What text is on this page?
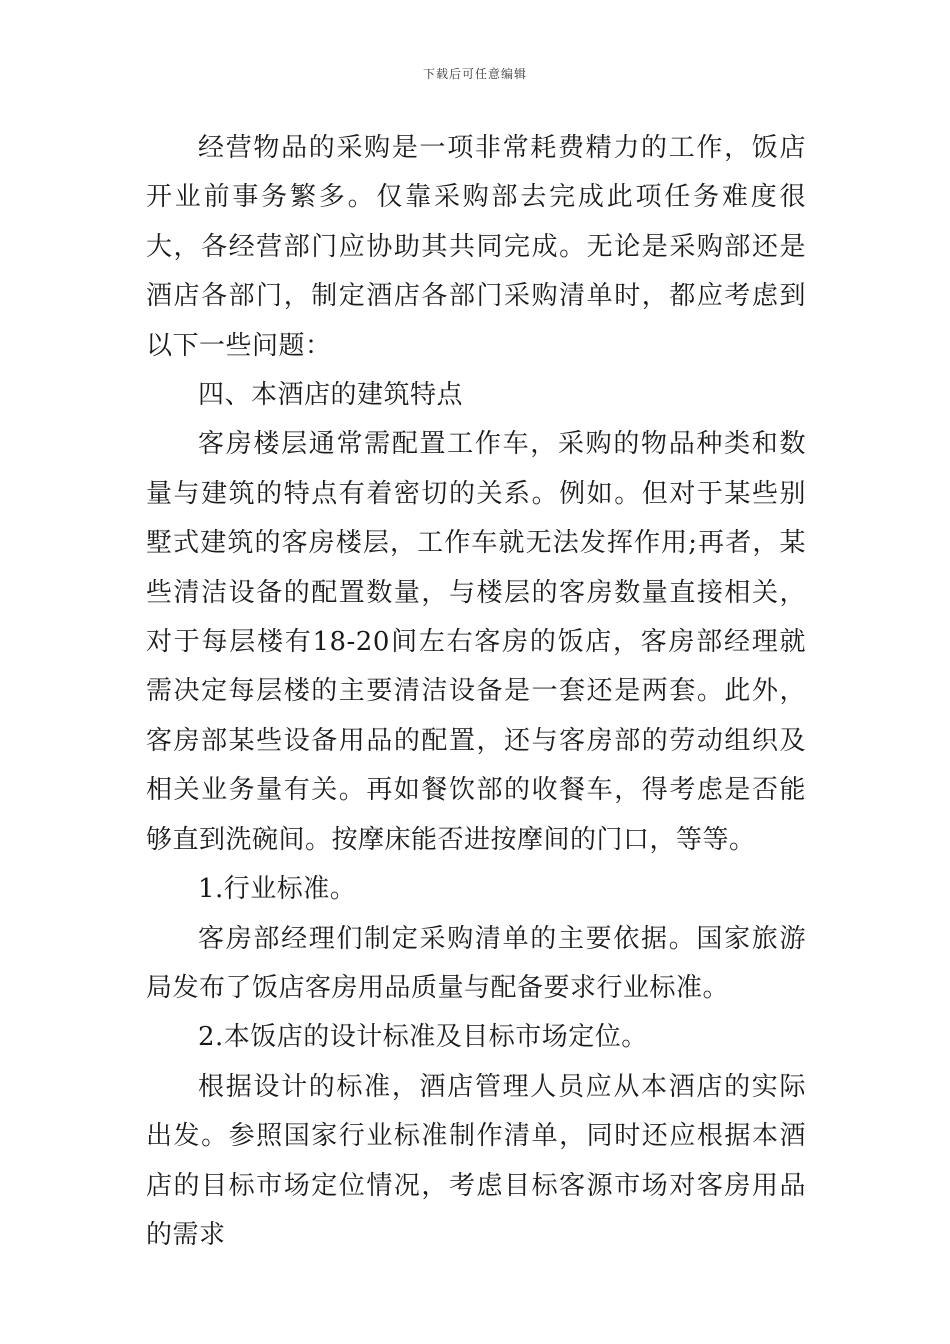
下载后可任意编辑

经营物品的采购是一项非常耗费精力的工作，饭店开业前事务繁多。仅靠采购部去完成此项任务难度很大，各经营部门应协助其共同完成。无论是采购部还是酒店各部门，制定酒店各部门采购清单时，都应考虑到以下一些问题：

四、本酒店的建筑特点

客房楼层通常需配置工作车，采购的物品种类和数量与建筑的特点有着密切的关系。例如。但对于某些别墅式建筑的客房楼层，工作车就无法发挥作用;再者，某些清洁设备的配置数量，与楼层的客房数量直接相关，对于每层楼有18-20间左右客房的饭店，客房部经理就需决定每层楼的主要清洁设备是一套还是两套。此外，客房部某些设备用品的配置，还与客房部的劳动组织及相关业务量有关。再如餐饮部的收餐车，得考虑是否能够直到洗碗间。按摩床能否进按摩间的门口，等等。

1.行业标准。

客房部经理们制定采购清单的主要依据。国家旅游局发布了饭店客房用品质量与配备要求行业标准。

2.本饭店的设计标准及目标市场定位。

根据设计的标准，酒店管理人员应从本酒店的实际出发。参照国家行业标准制作清单，同时还应根据本酒店的目标市场定位情况，考虑目标客源市场对客房用品的需求
